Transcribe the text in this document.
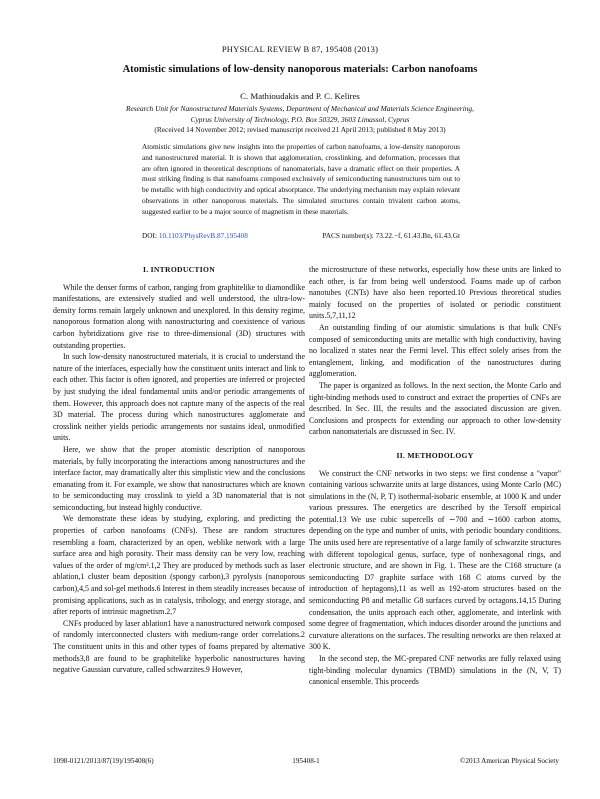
PHYSICAL REVIEW B 87, 195408 (2013)
Atomistic simulations of low-density nanoporous materials: Carbon nanofoams
C. Mathioudakis and P. C. Kelires
Research Unit for Nanostructured Materials Systems, Department of Mechanical and Materials Science Engineering,
Cyprus University of Technology, P.O. Box 50329, 3603 Limassol, Cyprus
(Received 14 November 2012; revised manuscript received 21 April 2013; published 8 May 2013)
Atomistic simulations give new insights into the properties of carbon nanofoams, a low-density nanoporous and nanostructured material. It is shown that agglomeration, crosslinking, and deformation, processes that are often ignored in theoretical descriptions of nanomaterials, have a dramatic effect on their properties. A most striking finding is that nanofoams composed exclusively of semiconducting nanostructures turn out to be metallic with high conductivity and optical absorptance. The underlying mechanism may explain relevant observations in other nanoporous materials. The simulated structures contain trivalent carbon atoms, suggested earlier to be a major source of magnetism in these materials.
DOI: 10.1103/PhysRevB.87.195408	PACS number(s): 73.22.−f, 61.43.Bn, 61.43.Gt
I. INTRODUCTION

While the denser forms of carbon, ranging from graphitelike to diamondlike manifestations, are extensively studied and well understood, the ultra-low-density forms remain largely unknown and unexplored. In this density regime, nanoporous formation along with nanostructuring and coexistence of various carbon hybridizations give rise to three-dimensional (3D) structures with outstanding properties.

In such low-density nanostructured materials, it is crucial to understand the nature of the interfaces, especially how the constituent units interact and link to each other. This factor is often ignored, and properties are inferred or projected by just studying the ideal fundamental units and/or periodic arrangements of them. However, this approach does not capture many of the aspects of the real 3D material. The process during which nanostructures agglomerate and crosslink neither yields periodic arrangements nor sustains ideal, unmodified units.

Here, we show that the proper atomistic description of nanoporous materials, by fully incorporating the interactions among nanostructures and the interface factor, may dramatically alter this simplistic view and the conclusions emanating from it. For example, we show that nanostructures which are known to be semiconducting may crosslink to yield a 3D nanomaterial that is not semiconducting, but instead highly conductive.

We demonstrate these ideas by studying, exploring, and predicting the properties of carbon nanofoams (CNFs). These are random structures resembling a foam, characterized by an open, weblike network with a large surface area and high porosity. Their mass density can be very low, reaching values of the order of mg/cm³.1,2 They are produced by methods such as laser ablation,1 cluster beam deposition (spongy carbon),3 pyrolysis (nanoporous carbon),4,5 and sol-gel methods.6 Interest in them steadily increases because of promising applications, such as in catalysis, tribology, and energy storage, and after reports of intrinsic magnetism.2,7

CNFs produced by laser ablation1 have a nanostructured network composed of randomly interconnected clusters with medium-range order correlations.2 The constituent units in this and other types of foams prepared by alternative methods3,8 are found to be graphitelike hyperbolic nanostructures having negative Gaussian curvature, called schwarzites.9 However,

the microstructure of these networks, especially how these units are linked to each other, is far from being well understood. Foams made up of carbon nanotubes (CNTs) have also been reported.10 Previous theoretical studies mainly focused on the properties of isolated or periodic constituent units.5,7,11,12

An outstanding finding of our atomistic simulations is that bulk CNFs composed of semiconducting units are metallic with high conductivity, having no localized π states near the Fermi level. This effect solely arises from the entanglement, linking, and modification of the nanostructures during agglomeration.

The paper is organized as follows. In the next section, the Monte Carlo and tight-binding methods used to construct and extract the properties of CNFs are described. In Sec. III, the results and the associated discussion are given. Conclusions and prospects for extending our approach to other low-density carbon nanomaterials are discussed in Sec. IV.

II. METHODOLOGY

We construct the CNF networks in two steps: we first condense a "vapor" containing various schwarzite units at large distances, using Monte Carlo (MC) simulations in the (N, P, T) isothermal-isobaric ensemble, at 1000 K and under various pressures. The energetics are described by the Tersoff empirical potential.13 We use cubic supercells of ∼700 and ∼1600 carbon atoms, depending on the type and number of units, with periodic boundary conditions. The units used here are representative of a large family of schwarzite structures with different topological genus, surface, type of nonhexagonal rings, and electronic structure, and are shown in Fig. 1. These are the C168 structure (a semiconducting D7 graphite surface with 168 C atoms curved by the introduction of heptagons),11 as well as 192-atom structures based on the semiconducting P8 and metallic G8 surfaces curved by octagons.14,15 During condensation, the units approach each other, agglomerate, and interlink with some degree of fragmentation, which induces disorder around the junctions and curvature alterations on the surfaces. The resulting networks are then relaxed at 300 K.

In the second step, the MC-prepared CNF networks are fully relaxed using tight-binding molecular dynamics (TBMD) simulations in the (N, V, T) canonical ensemble. This proceeds

1098-0121/2013/87(19)/195408(6)	195408-1	©2013 American Physical Society
